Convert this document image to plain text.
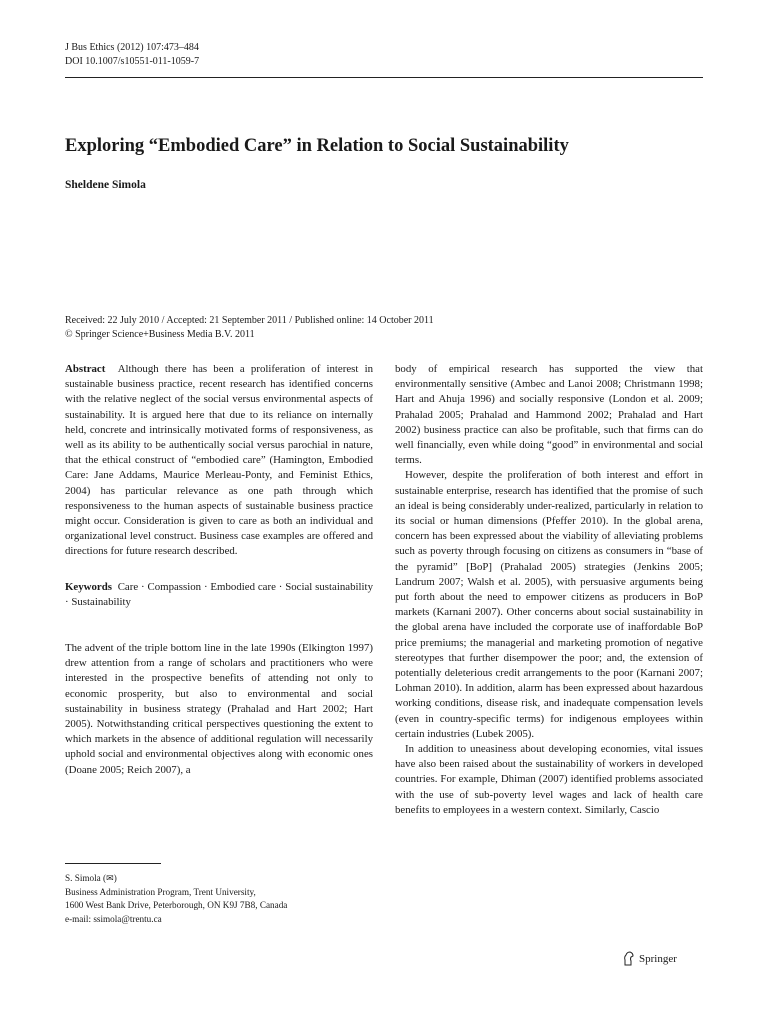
J Bus Ethics (2012) 107:473–484
DOI 10.1007/s10551-011-1059-7
Exploring “Embodied Care” in Relation to Social Sustainability
Sheldene Simola
Received: 22 July 2010 / Accepted: 21 September 2011 / Published online: 14 October 2011
© Springer Science+Business Media B.V. 2011

Abstract Although there has been a proliferation of interest in sustainable business practice, recent research has identified concerns with the relative neglect of the social versus environmental aspects of sustainability. It is argued here that due to its reliance on internally held, concrete and intrinsically motivated forms of responsiveness, as well as its ability to be authentically social versus parochial in nature, that the ethical construct of “embodied care” (Hamington, Embodied Care: Jane Addams, Maurice Merleau-Ponty, and Feminist Ethics, 2004) has particular relevance as one path through which responsiveness to the human aspects of sustainable business practice might occur. Consideration is given to care as both an individual and organizational level construct. Business case examples are offered and directions for future research described.

Keywords Care · Compassion · Embodied care · Social sustainability · Sustainability

The advent of the triple bottom line in the late 1990s (Elkington 1997) drew attention from a range of scholars and practitioners who were interested in the prospective benefits of attending not only to economic prosperity, but also to environmental and social sustainability in business strategy (Prahalad and Hart 2002; Hart 2005). Notwithstanding critical perspectives questioning the extent to which markets in the absence of additional regulation will necessarily uphold social and environmental objectives along with economic ones (Doane 2005; Reich 2007), a

S. Simola (✉)
Business Administration Program, Trent University,
1600 West Bank Drive, Peterborough, ON K9J 7B8, Canada
e-mail: ssimola@trentu.ca

body of empirical research has supported the view that environmentally sensitive (Ambec and Lanoi 2008; Christmann 1998; Hart and Ahuja 1996) and socially responsive (London et al. 2009; Prahalad 2005; Prahalad and Hammond 2002; Prahalad and Hart 2002) business practice can also be profitable, such that firms can do well financially, even while doing “good” in environmental and social terms.

However, despite the proliferation of both interest and effort in sustainable enterprise, research has identified that the promise of such an ideal is being considerably under-realized, particularly in relation to its social or human dimensions (Pfeffer 2010). In the global arena, concern has been expressed about the viability of alleviating problems such as poverty through focusing on citizens as consumers in “base of the pyramid” [BoP] (Prahalad 2005) strategies (Jenkins 2005; Landrum 2007; Walsh et al. 2005), with persuasive arguments being put forth about the need to empower citizens as producers in BoP markets (Karnani 2007). Other concerns about social sustainability in the global arena have included the corporate use of inaffordable BoP price premiums; the managerial and marketing promotion of negative stereotypes that further disempower the poor; and, the extension of potentially deleterious credit arrangements to the poor (Karnani 2007; Lohman 2010). In addition, alarm has been expressed about hazardous working conditions, disease risk, and inadequate compensation levels (even in country-specific terms) for indigenous employees within certain industries (Lubek 2005).

In addition to uneasiness about developing economies, vital issues have also been raised about the sustainability of workers in developed countries. For example, Dhiman (2007) identified problems associated with the use of sub-poverty level wages and lack of health care benefits to employees in a western context. Similarly, Cascio

Springer
